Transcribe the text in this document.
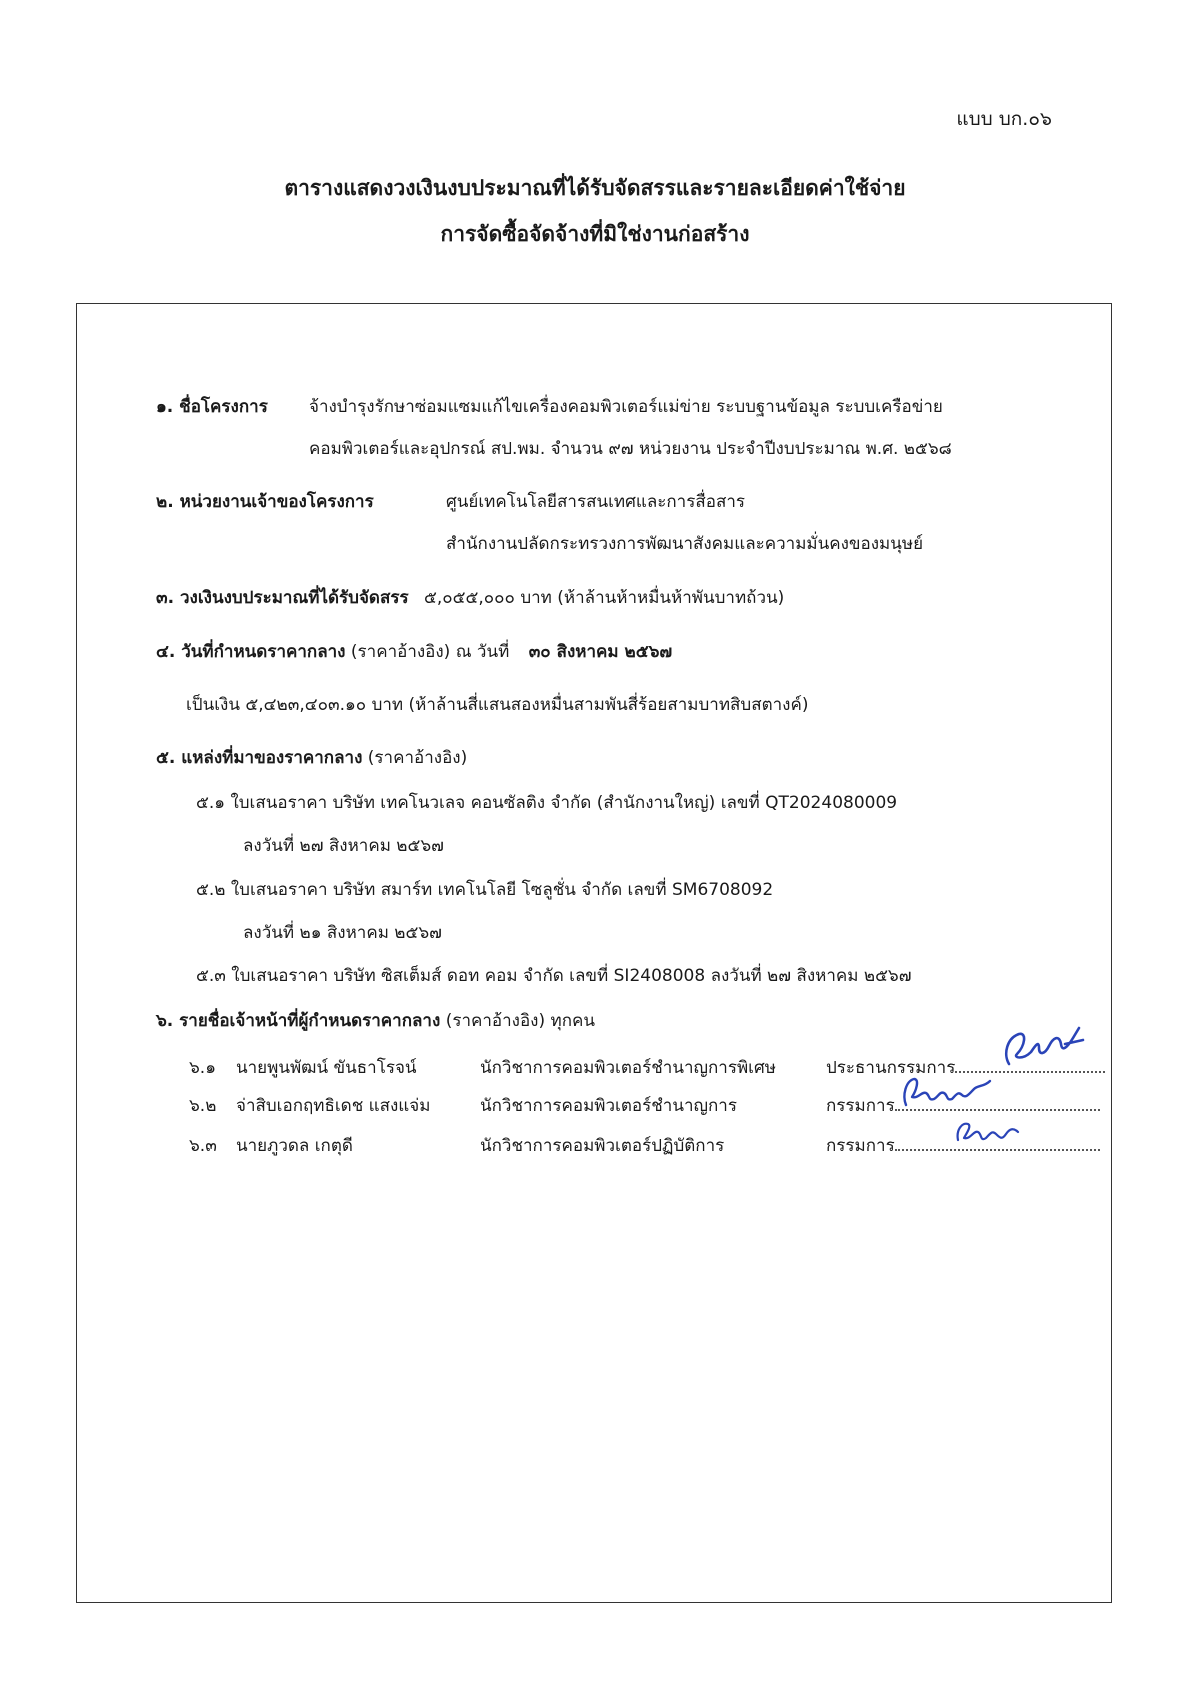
แบบ บก.๐๖
ตารางแสดงวงเงินงบประมาณที่ได้รับจัดสรรและรายละเอียดค่าใช้จ่าย
การจัดซื้อจัดจ้างที่มิใช่งานก่อสร้าง
๑. ชื่อโครงการ จ้างบำรุงรักษาซ่อมแซมแก้ไขเครื่องคอมพิวเตอร์แม่ข่าย ระบบฐานข้อมูล ระบบเครือข่าย
คอมพิวเตอร์และอุปกรณ์ สป.พม. จำนวน ๙๗ หน่วยงาน ประจำปีงบประมาณ พ.ศ. ๒๕๖๘
๒. หน่วยงานเจ้าของโครงการ	ศูนย์เทคโนโลยีสารสนเทศและการสื่อสาร
สำนักงานปลัดกระทรวงการพัฒนาสังคมและความมั่นคงของมนุษย์
๓. วงเงินงบประมาณที่ได้รับจัดสรร ๕,๐๕๕,๐๐๐ บาท (ห้าล้านห้าหมื่นห้าพันบาทถ้วน)
๔. วันที่กำหนดราคากลาง (ราคาอ้างอิง) ณ วันที่ ๓๐ สิงหาคม ๒๕๖๗
เป็นเงิน ๕,๔๒๓,๔๐๓.๑๐ บาท (ห้าล้านสี่แสนสองหมื่นสามพันสี่ร้อยสามบาทสิบสตางค์)
๕. แหล่งที่มาของราคากลาง (ราคาอ้างอิง)
๕.๑ ใบเสนอราคา บริษัท เทคโนวเลจ คอนซัลติง จำกัด (สำนักงานใหญ่) เลขที่ QT2024080009
ลงวันที่ ๒๗ สิงหาคม ๒๕๖๗
๕.๒ ใบเสนอราคา บริษัท สมาร์ท เทคโนโลยี โซลูชั่น จำกัด เลขที่ SM6708092
ลงวันที่ ๒๑ สิงหาคม ๒๕๖๗
๕.๓ ใบเสนอราคา บริษัท ซิสเต็มส์ ดอท คอม จำกัด เลขที่ SI2408008 ลงวันที่ ๒๗ สิงหาคม ๒๕๖๗
๖. รายชื่อเจ้าหน้าที่ผู้กำหนดราคากลาง (ราคาอ้างอิง) ทุกคน
๖.๑ นายพูนพัฒน์ ขันธาโรจน์	นักวิชาการคอมพิวเตอร์ชำนาญการพิเศษ	ประธานกรรมการ
๖.๒ จ่าสิบเอกฤทธิเดช แสงแจ่ม	นักวิชาการคอมพิวเตอร์ชำนาญการ	กรรมการ
๖.๓ นายภูวดล เกตุดี	นักวิชาการคอมพิวเตอร์ปฏิบัติการ	กรรมการ
